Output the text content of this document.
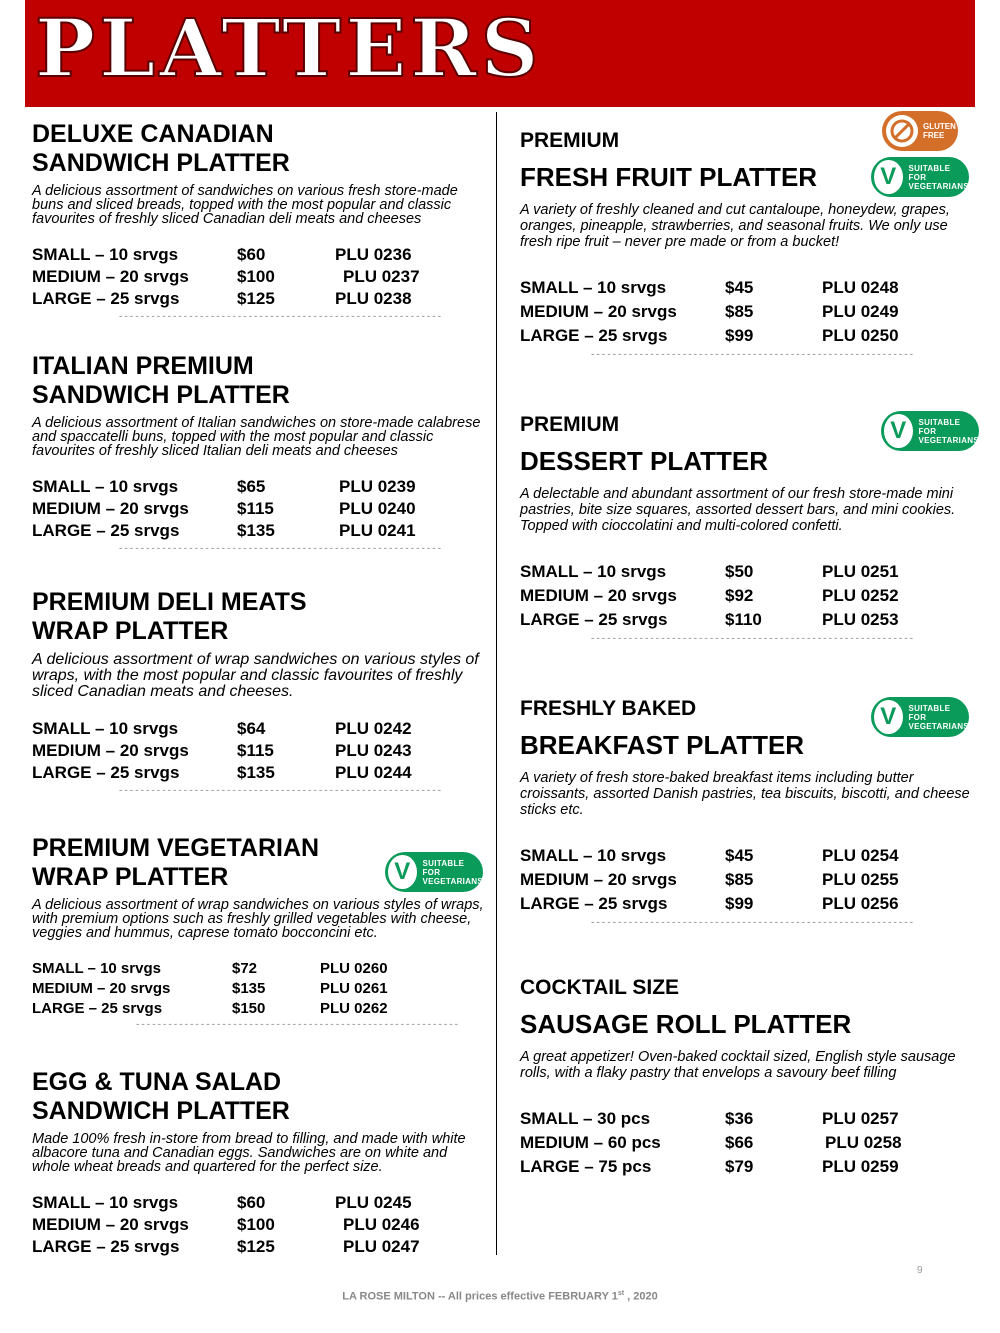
PLATTERS

DELUXE CANADIAN

SANDWICH PLATTER

A delicious assortment of sandwiches on various fresh store-made buns and sliced breads, topped with the most popular and classic favourites of freshly sliced Canadian deli meats and cheeses

SMALL – 10 srvgs	$60	PLU 0236
MEDIUM – 20 srvgs	$100	PLU 0237
LARGE – 25 srvgs	$125	PLU 0238
------------------------------------------------------------

ITALIAN PREMIUM

SANDWICH PLATTER

A delicious assortment of Italian sandwiches on store-made calabrese and spaccatelli buns, topped with the most popular and classic favourites of freshly sliced Italian deli meats and cheeses

SMALL – 10 srvgs	$65	PLU 0239
MEDIUM – 20 srvgs	$115	PLU 0240
LARGE – 25 srvgs	$135	PLU 0241
------------------------------------------------------------

PREMIUM DELI MEATS

WRAP PLATTER

A delicious assortment of wrap sandwiches on various styles of wraps, with the most popular and classic favourites of freshly sliced Canadian meats and cheeses.

SMALL – 10 srvgs	$64	PLU 0242
MEDIUM – 20 srvgs	$115	PLU 0243
LARGE – 25 srvgs	$135	PLU 0244
------------------------------------------------------------

PREMIUM VEGETARIAN

WRAP PLATTER

A delicious assortment of wrap sandwiches on various styles of wraps, with premium options such as freshly grilled vegetables with cheese, veggies and hummus, caprese tomato bocconcini etc.

SMALL – 10 srvgs	$72	PLU 0260
MEDIUM – 20 srvgs	$135	PLU 0261
LARGE – 25 srvgs	$150	PLU 0262
------------------------------------------------------------
V	SUITABLE FOR
VEGETARIANS

EGG & TUNA SALAD

SANDWICH PLATTER

Made 100% fresh in-store from bread to filling, and made with white albacore tuna and Canadian eggs. Sandwiches are on white and whole wheat breads and quartered for the perfect size.

SMALL – 10 srvgs	$60	PLU 0245
MEDIUM – 20 srvgs	$100	PLU 0246
LARGE – 25 srvgs	$125	PLU 0247

PREMIUM

FRESH FRUIT PLATTER

A variety of freshly cleaned and cut cantaloupe, honeydew, grapes, oranges, pineapple, strawberries, and seasonal fruits. We only use fresh ripe fruit – never pre made or from a bucket!

SMALL – 10 srvgs	$45	PLU 0248
MEDIUM – 20 srvgs	$85	PLU 0249
LARGE – 25 srvgs	$99	PLU 0250
------------------------------------------------------------
GLUTEN
FREE
V	SUITABLE FOR
VEGETARIANS

PREMIUM

DESSERT PLATTER

A delectable and abundant assortment of our fresh store-made mini pastries, bite size squares, assorted dessert bars, and mini cookies. Topped with cioccolatini and multi-colored confetti.

SMALL – 10 srvgs	$50	PLU 0251
MEDIUM – 20 srvgs	$92	PLU 0252
LARGE – 25 srvgs	$110	PLU 0253
------------------------------------------------------------
V	SUITABLE FOR
VEGETARIANS

FRESHLY BAKED

BREAKFAST PLATTER

A variety of fresh store-baked breakfast items including butter croissants, assorted Danish pastries, tea biscuits, biscotti, and cheese sticks etc.

SMALL – 10 srvgs	$45	PLU 0254
MEDIUM – 20 srvgs	$85	PLU 0255
LARGE – 25 srvgs	$99	PLU 0256
------------------------------------------------------------
V	SUITABLE FOR
VEGETARIANS

COCKTAIL SIZE

SAUSAGE ROLL PLATTER

A great appetizer! Oven-baked cocktail sized, English style sausage rolls, with a flaky pastry that envelops a savoury beef filling

SMALL – 30 pcs	$36	PLU 0257
MEDIUM – 60 pcs	$66	PLU 0258
LARGE – 75 pcs	$79	PLU 0259
9
LA ROSE MILTON -- All prices effective FEBRUARY 1st , 2020
